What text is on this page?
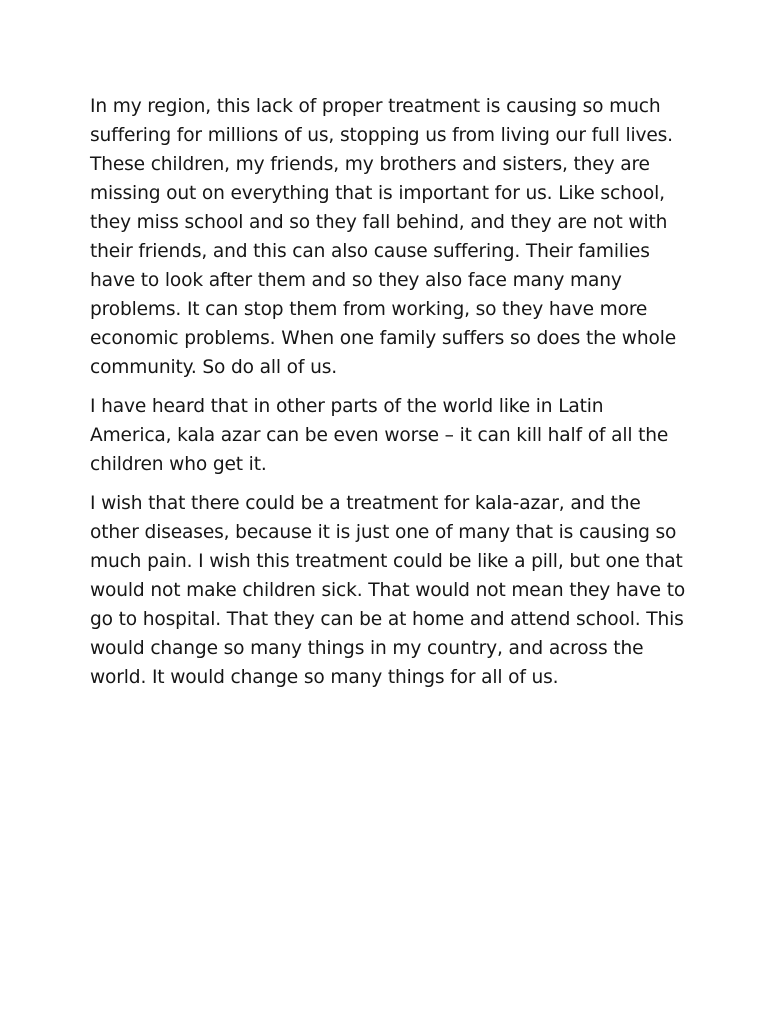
In my region, this lack of proper treatment is causing so much
suffering for millions of us, stopping us from living our full lives.
These children, my friends, my brothers and sisters, they are
missing out on everything that is important for us. Like school,
they miss school and so they fall behind, and they are not with
their friends, and this can also cause suffering. Their families
have to look after them and so they also face many many
problems. It can stop them from working, so they have more
economic problems. When one family suffers so does the whole
community. So do all of us.

I have heard that in other parts of the world like in Latin
America, kala azar can be even worse – it can kill half of all the
children who get it.

I wish that there could be a treatment for kala-azar, and the
other diseases, because it is just one of many that is causing so
much pain. I wish this treatment could be like a pill, but one that
would not make children sick. That would not mean they have to
go to hospital. That they can be at home and attend school. This
would change so many things in my country, and across the
world. It would change so many things for all of us.
